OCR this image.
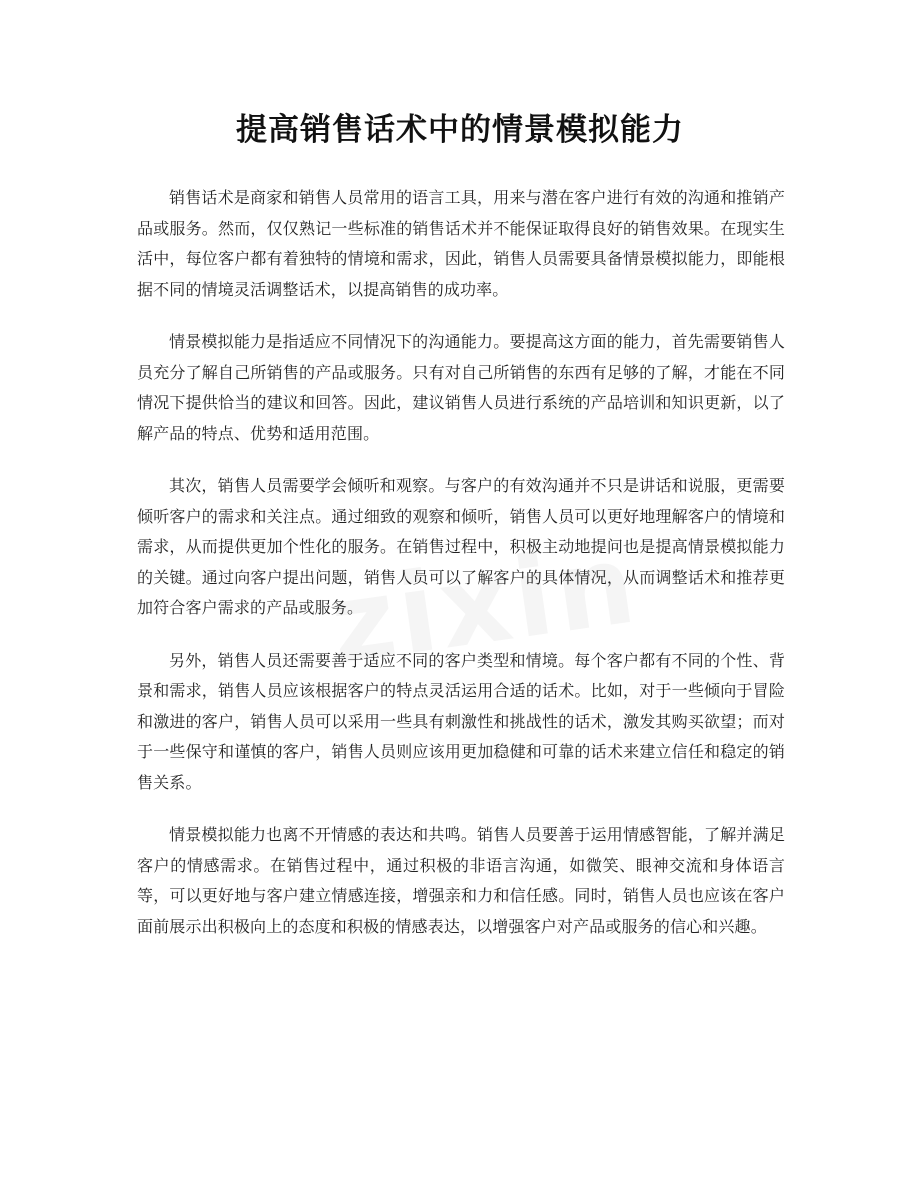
提高销售话术中的情景模拟能力

销售话术是商家和销售人员常用的语言工具，用来与潜在客户进行有效的沟通和推销产品或服务。然而，仅仅熟记一些标准的销售话术并不能保证取得良好的销售效果。在现实生活中，每位客户都有着独特的情境和需求，因此，销售人员需要具备情景模拟能力，即能根据不同的情境灵活调整话术，以提高销售的成功率。

情景模拟能力是指适应不同情况下的沟通能力。要提高这方面的能力，首先需要销售人员充分了解自己所销售的产品或服务。只有对自己所销售的东西有足够的了解，才能在不同情况下提供恰当的建议和回答。因此，建议销售人员进行系统的产品培训和知识更新，以了解产品的特点、优势和适用范围。

其次，销售人员需要学会倾听和观察。与客户的有效沟通并不只是讲话和说服，更需要倾听客户的需求和关注点。通过细致的观察和倾听，销售人员可以更好地理解客户的情境和需求，从而提供更加个性化的服务。在销售过程中，积极主动地提问也是提高情景模拟能力的关键。通过向客户提出问题，销售人员可以了解客户的具体情况，从而调整话术和推荐更加符合客户需求的产品或服务。

另外，销售人员还需要善于适应不同的客户类型和情境。每个客户都有不同的个性、背景和需求，销售人员应该根据客户的特点灵活运用合适的话术。比如，对于一些倾向于冒险和激进的客户，销售人员可以采用一些具有刺激性和挑战性的话术，激发其购买欲望；而对于一些保守和谨慎的客户，销售人员则应该用更加稳健和可靠的话术来建立信任和稳定的销售关系。

情景模拟能力也离不开情感的表达和共鸣。销售人员要善于运用情感智能，了解并满足客户的情感需求。在销售过程中，通过积极的非语言沟通，如微笑、眼神交流和身体语言等，可以更好地与客户建立情感连接，增强亲和力和信任感。同时，销售人员也应该在客户面前展示出积极向上的态度和积极的情感表达，以增强客户对产品或服务的信心和兴趣。
